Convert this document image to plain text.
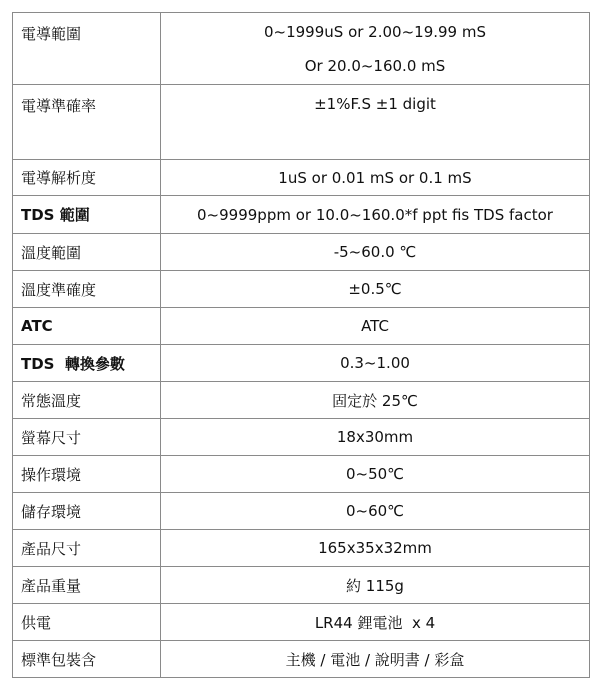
電導範圍	0~1999uS or 2.00~19.99 mS
Or 20.0~160.0 mS

電導準確率	±1%F.S ±1 digit
電導解析度	1uS or 0.01 mS or 0.1 mS
TDS 範圍	0~9999ppm or 10.0~160.0*f ppt fis TDS factor
溫度範圍	-5~60.0 ℃
溫度準確度	±0.5℃
ATC	ATC
TDS  轉換參數	0.3~1.00
常態溫度	固定於 25℃
螢幕尺寸	18x30mm
操作環境	0~50℃
儲存環境	0~60℃
產品尺寸	165x35x32mm
產品重量	約 115g
供電	LR44 鋰電池  x 4
標準包裝含	主機 / 電池 / 說明書 / 彩盒
